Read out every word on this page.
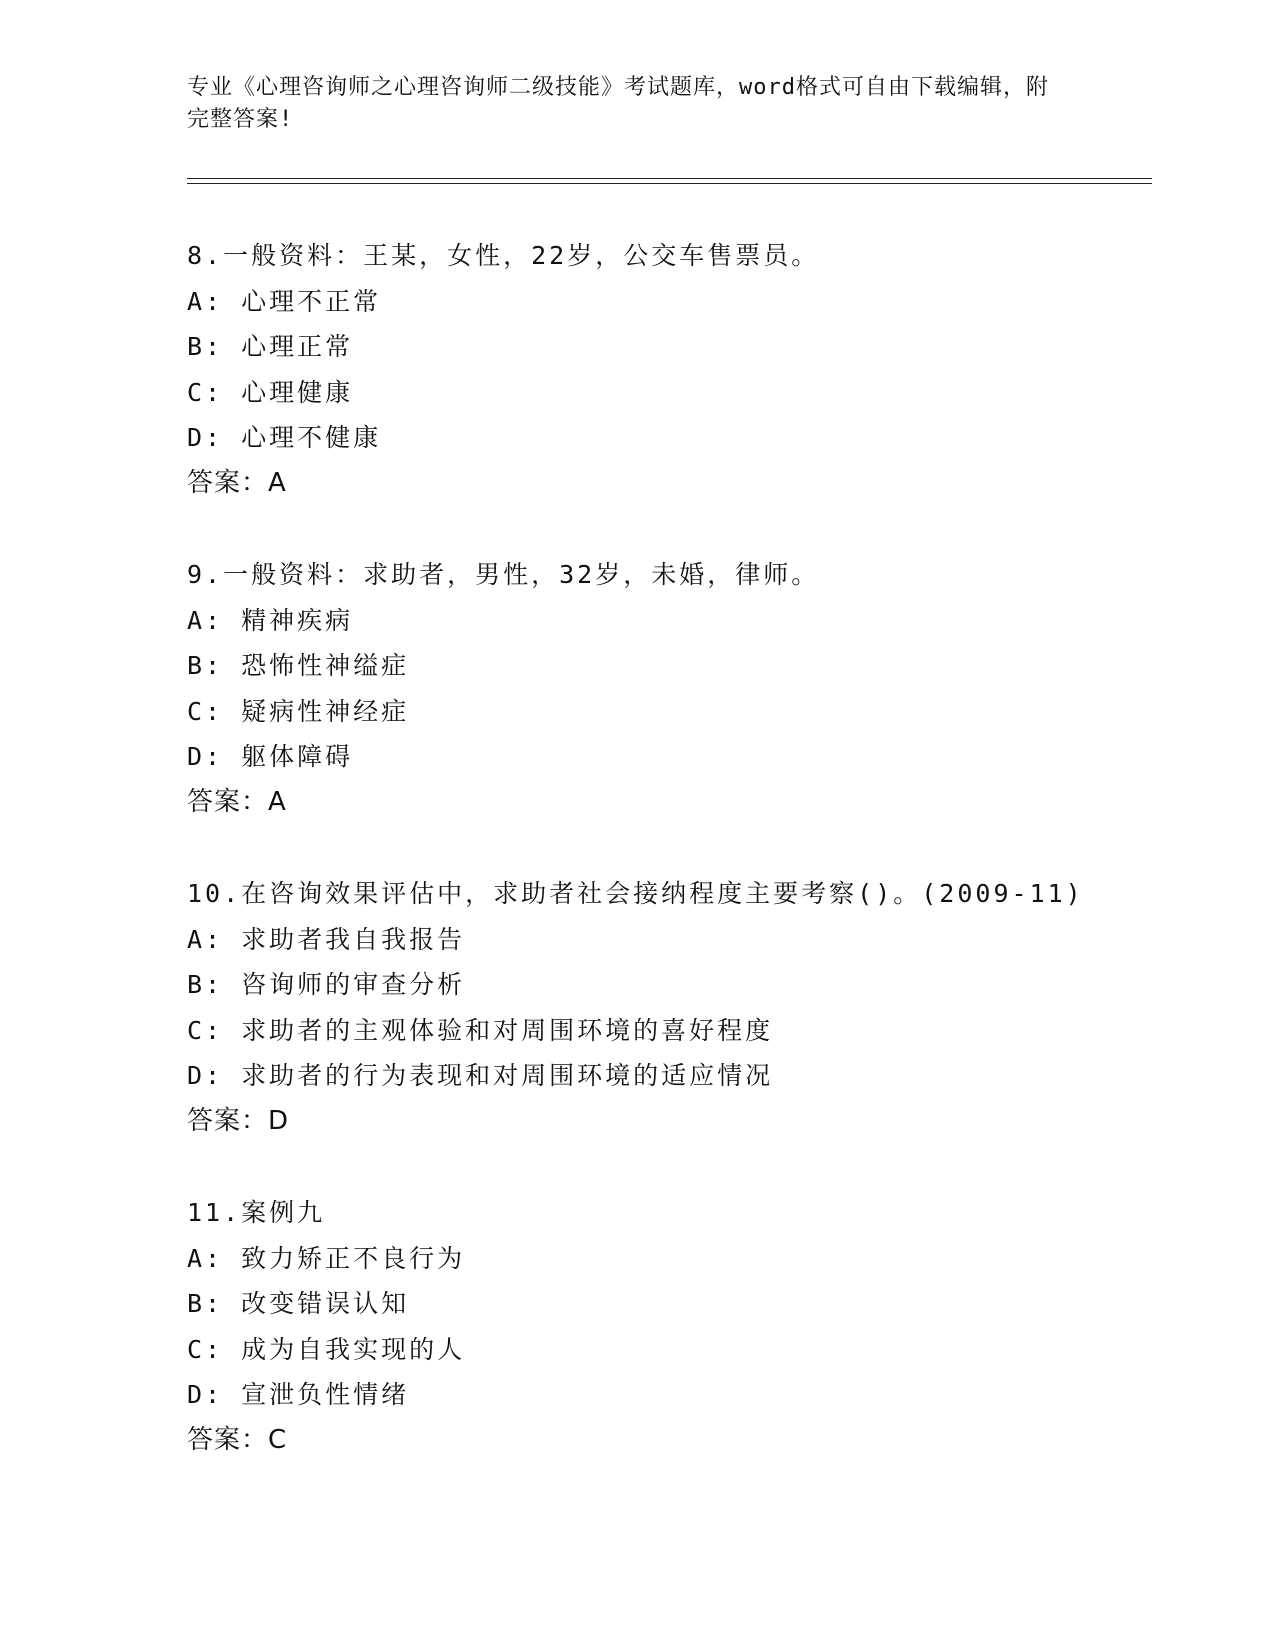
专业《心理咨询师之心理咨询师二级技能》考试题库，word格式可自由下载编辑，附完整答案!
8.一般资料：王某，女性，22岁，公交车售票员。
A: 心理不正常
B: 心理正常
C: 心理健康
D: 心理不健康
答案：A
9.一般资料：求助者，男性，32岁，未婚，律师。
A: 精神疾病
B: 恐怖性神缢症
C: 疑病性神经症
D: 躯体障碍
答案：A
10.在咨询效果评估中，求助者社会接纳程度主要考察()。(2009-11)
A: 求助者我自我报告
B: 咨询师的审查分析
C: 求助者的主观体验和对周围环境的喜好程度
D: 求助者的行为表现和对周围环境的适应情况
答案：D
11.案例九
A: 致力矫正不良行为
B: 改变错误认知
C: 成为自我实现的人
D: 宣泄负性情绪
答案：C
